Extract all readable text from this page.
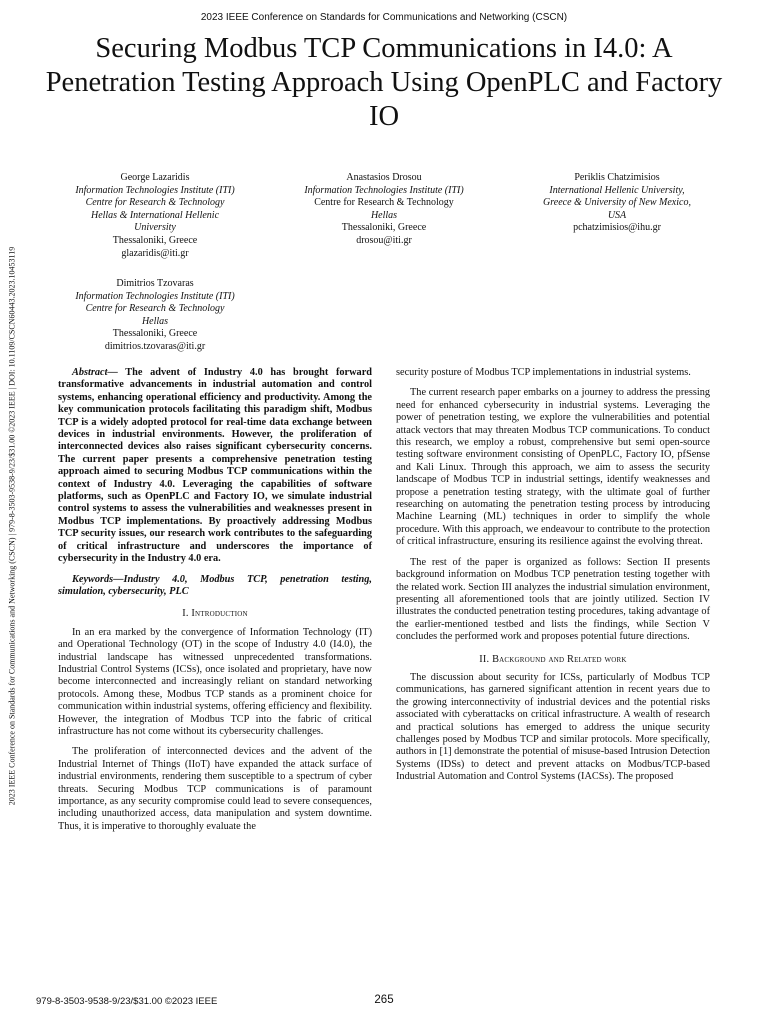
2023 IEEE Conference on Standards for Communications and Networking (CSCN)
Securing Modbus TCP Communications in I4.0: A Penetration Testing Approach Using OpenPLC and Factory IO
2023 IEEE Conference on Standards for Communications and Networking (CSCN) | 979-8-3503-9538-9/23/$31.00 ©2023 IEEE | DOI: 10.1109/CSCN60443.2023.10453119
George Lazaridis
Information Technologies Institute (ITI)
Centre for Research & Technology
Hellas & International Hellenic
University
Thessaloniki, Greece
glazaridis@iti.gr
Anastasios Drosou
Information Technologies Institute (ITI)
Centre for Research & Technology
Hellas
Thessaloniki, Greece
drosou@iti.gr
Periklis Chatzimisios
International Hellenic University,
Greece & University of New Mexico,
USA
pchatzimisios@ihu.gr
Dimitrios Tzovaras
Information Technologies Institute (ITI)
Centre for Research & Technology
Hellas
Thessaloniki, Greece
dimitrios.tzovaras@iti.gr

Abstract— The advent of Industry 4.0 has brought forward transformative advancements in industrial automation and control systems, enhancing operational efficiency and productivity. Among the key communication protocols facilitating this paradigm shift, Modbus TCP is a widely adopted protocol for real-time data exchange between devices in industrial environments. However, the proliferation of interconnected devices also raises significant cybersecurity concerns. The current paper presents a comprehensive penetration testing approach aimed to securing Modbus TCP communications within the context of Industry 4.0. Leveraging the capabilities of software platforms, such as OpenPLC and Factory IO, we simulate industrial control systems to assess the vulnerabilities and weaknesses present in Modbus TCP implementations. By proactively addressing Modbus TCP security issues, our research work contributes to the safeguarding of critical infrastructure and underscores the importance of cybersecurity in the Industry 4.0 era.

Keywords—Industry 4.0, Modbus TCP, penetration testing, simulation, cybersecurity, PLC

I. Introduction

In an era marked by the convergence of Information Technology (IT) and Operational Technology (OT) in the scope of Industry 4.0 (I4.0), the industrial landscape has witnessed unprecedented transformations. Industrial Control Systems (ICSs), once isolated and proprietary, have now become interconnected and increasingly reliant on standard networking protocols. Among these, Modbus TCP stands as a prominent choice for communication within industrial systems, offering efficiency and flexibility. However, the integration of Modbus TCP into the fabric of critical infrastructure has not come without its cybersecurity challenges.

The proliferation of interconnected devices and the advent of the Industrial Internet of Things (IIoT) have expanded the attack surface of industrial environments, rendering them susceptible to a spectrum of cyber threats. Securing Modbus TCP communications is of paramount importance, as any security compromise could lead to severe consequences, including unauthorized access, data manipulation and system downtime. Thus, it is imperative to thoroughly evaluate the

security posture of Modbus TCP implementations in industrial systems.

The current research paper embarks on a journey to address the pressing need for enhanced cybersecurity in industrial systems. Leveraging the power of penetration testing, we explore the vulnerabilities and potential attack vectors that may threaten Modbus TCP communications. To conduct this research, we employ a robust, comprehensive but semi open-source testing software environment consisting of OpenPLC, Factory IO, pfSense and Kali Linux. Through this approach, we aim to assess the security landscape of Modbus TCP in industrial settings, identify weaknesses and propose a penetration testing strategy, with the ultimate goal of further researching on automating the penetration testing process by introducing Machine Learning (ML) techniques in order to simplify the whole procedure. With this approach, we endeavour to contribute to the protection of critical infrastructure, ensuring its resilience against the evolving threat.

The rest of the paper is organized as follows: Section II presents background information on Modbus TCP penetration testing together with the related work. Section III analyzes the industrial simulation environment, presenting all aforementioned tools that are jointly utilized. Section IV illustrates the conducted penetration testing procedures, taking advantage of the earlier-mentioned testbed and lists the findings, while Section V concludes the performed work and proposes potential future directions.

II. Background and Related work

The discussion about security for ICSs, particularly of Modbus TCP communications, has garnered significant attention in recent years due to the growing interconnectivity of industrial devices and the potential risks associated with cyberattacks on critical infrastructure. A wealth of research and practical solutions has emerged to address the unique security challenges posed by Modbus TCP and similar protocols. More specifically, authors in [1] demonstrate the potential of misuse-based Intrusion Detection Systems (IDSs) to detect and prevent attacks on Modbus/TCP-based Industrial Automation and Control Systems (IACSs). The proposed

979-8-3503-9538-9/23/$31.00 ©2023 IEEE	265
